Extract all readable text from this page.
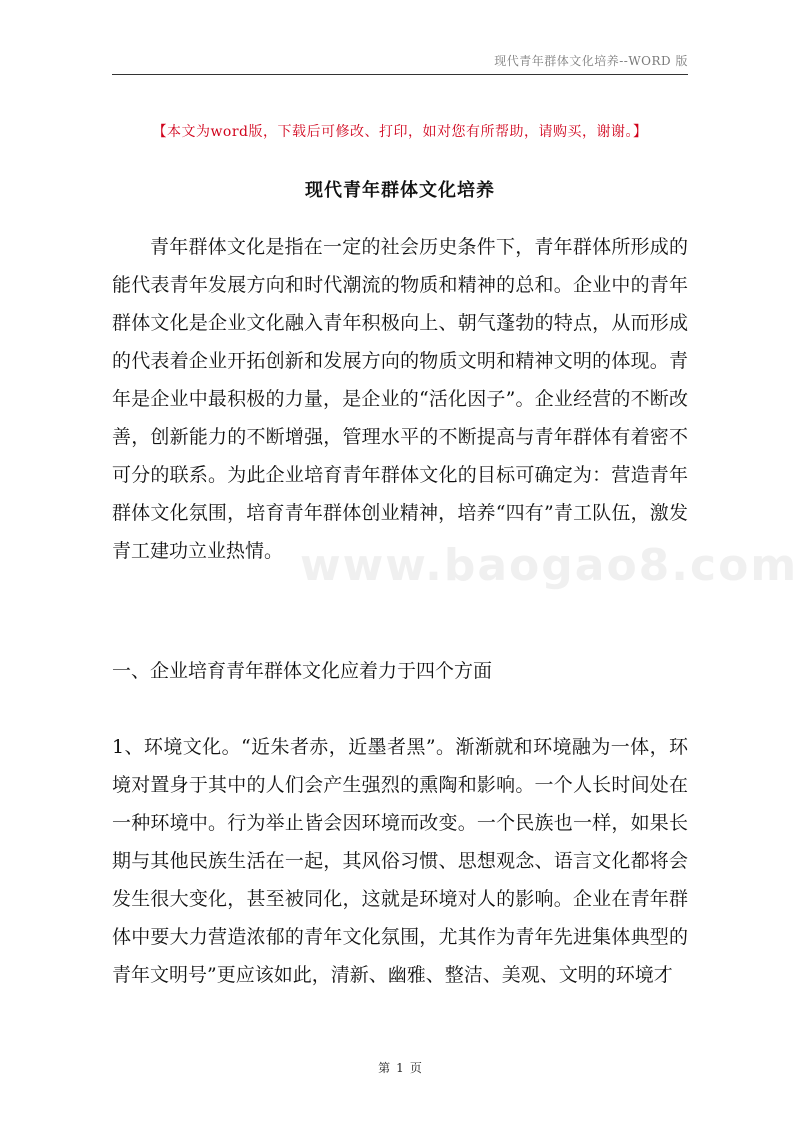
现代青年群体文化培养--WORD 版
【本文为word版，下载后可修改、打印，如对您有所帮助，请购买，谢谢。】
现代青年群体文化培养

青年群体文化是指在一定的社会历史条件下，青年群体所形成的能代表青年发展方向和时代潮流的物质和精神的总和。企业中的青年群体文化是企业文化融入青年积极向上、朝气蓬勃的特点，从而形成的代表着企业开拓创新和发展方向的物质文明和精神文明的体现。青年是企业中最积极的力量，是企业的“活化因子”。企业经营的不断改善，创新能力的不断增强，管理水平的不断提高与青年群体有着密不可分的联系。为此企业培育青年群体文化的目标可确定为：营造青年群体文化氛围，培育青年群体创业精神，培养“四有”青工队伍，激发青工建功立业热情。 www.baogao8.com

一、企业培育青年群体文化应着力于四个方面

1、环境文化。“近朱者赤，近墨者黑”。渐渐就和环境融为一体，环境对置身于其中的人们会产生强烈的熏陶和影响。一个人长时间处在一种环境中。行为举止皆会因环境而改变。一个民族也一样，如果长期与其他民族生活在一起，其风俗习惯、思想观念、语言文化都将会发生很大变化，甚至被同化，这就是环境对人的影响。企业在青年群体中要大力营造浓郁的青年文化氛围，尤其作为青年先进集体典型的青年文明号”更应该如此，清新、幽雅、整洁、美观、文明的环境才

第 1 页
